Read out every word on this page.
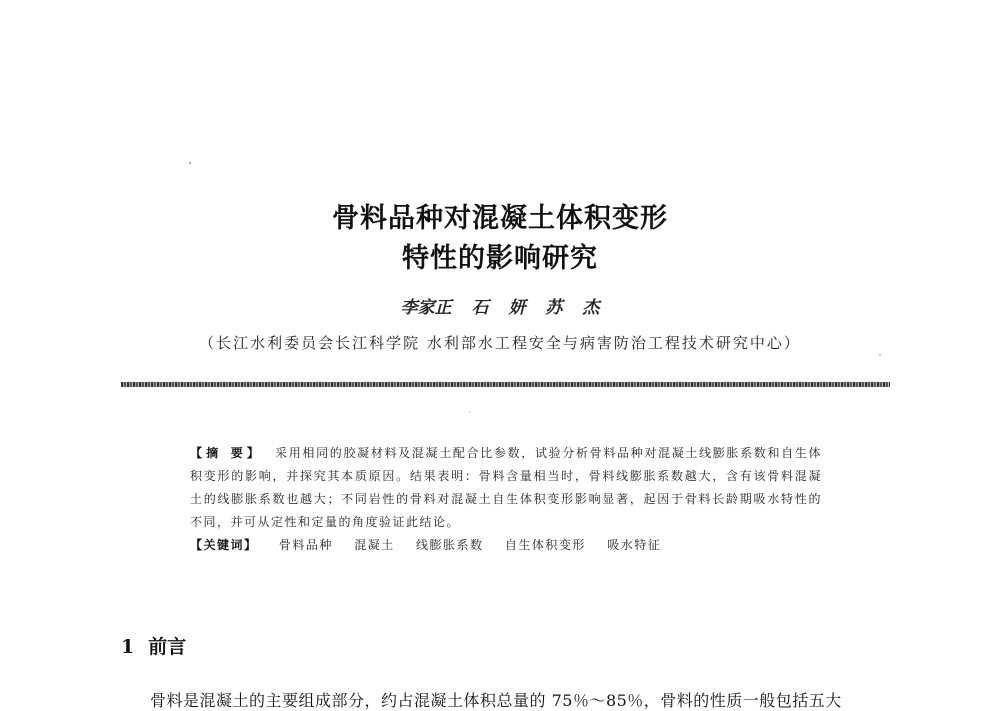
骨料品种对混凝土体积变形
特性的影响研究
李家正 石 妍 苏 杰
（长江水利委员会长江科学院 水利部水工程安全与病害防治工程技术研究中心）
【摘 要】 采用相同的胶凝材料及混凝土配合比参数，试验分析骨料品种对混凝土线膨胀系数和自生体积变形的影响，并探究其本质原因。结果表明：骨料含量相当时，骨料线膨胀系数越大，含有该骨料混凝土的线膨胀系数也越大；不同岩性的骨料对混凝土自生体积变形影响显著，起因于骨料长龄期吸水特性的不同，并可从定性和定量的角度验证此结论。
【关键词】 骨料品种 混凝土 线膨胀系数 自生体积变形 吸水特征
1 前言
骨料是混凝土的主要组成部分，约占混凝土体积总量的 75％～85％，骨料的性质一般包括五大
